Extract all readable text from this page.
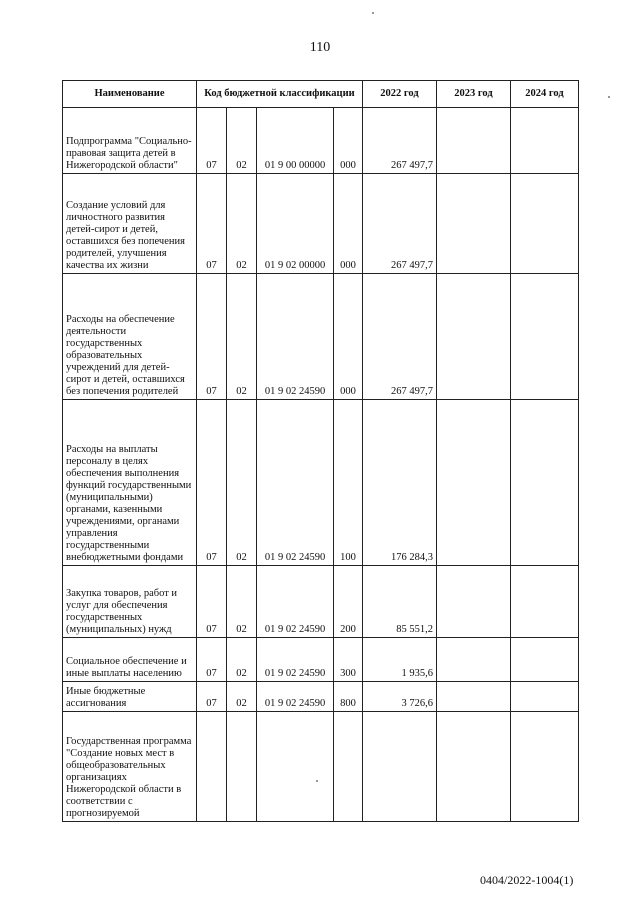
110
Наименование	Код бюджетной классификации				2022 год	2023 год	2024 год
Подпрограмма "Социально-правовая защита детей в Нижегородской области"	07	02	01 9 00 00000	000	267 497,7		
Создание условий для личностного развития детей-сирот и детей, оставшихся без попечения родителей, улучшения качества их жизни	07	02	01 9 02 00000	000	267 497,7		
Расходы на обеспечение деятельности государственных образовательных учреждений для детей-сирот и детей, оставшихся без попечения родителей	07	02	01 9 02 24590	000	267 497,7		
Расходы на выплаты персоналу в целях обеспечения выполнения функций государственными (муниципальными) органами, казенными учреждениями, органами управления государственными внебюджетными фондами	07	02	01 9 02 24590	100	176 284,3		
Закупка товаров, работ и услуг для обеспечения государственных (муниципальных) нужд	07	02	01 9 02 24590	200	85 551,2		
Социальное обеспечение и иные выплаты населению	07	02	01 9 02 24590	300	1 935,6		
Иные бюджетные ассигнования	07	02	01 9 02 24590	800	3 726,6		
Государственная программа "Создание новых мест в общеобразовательных организациях Нижегородской области в соответствии с прогнозируемой							
0404/2022-1004(1)
